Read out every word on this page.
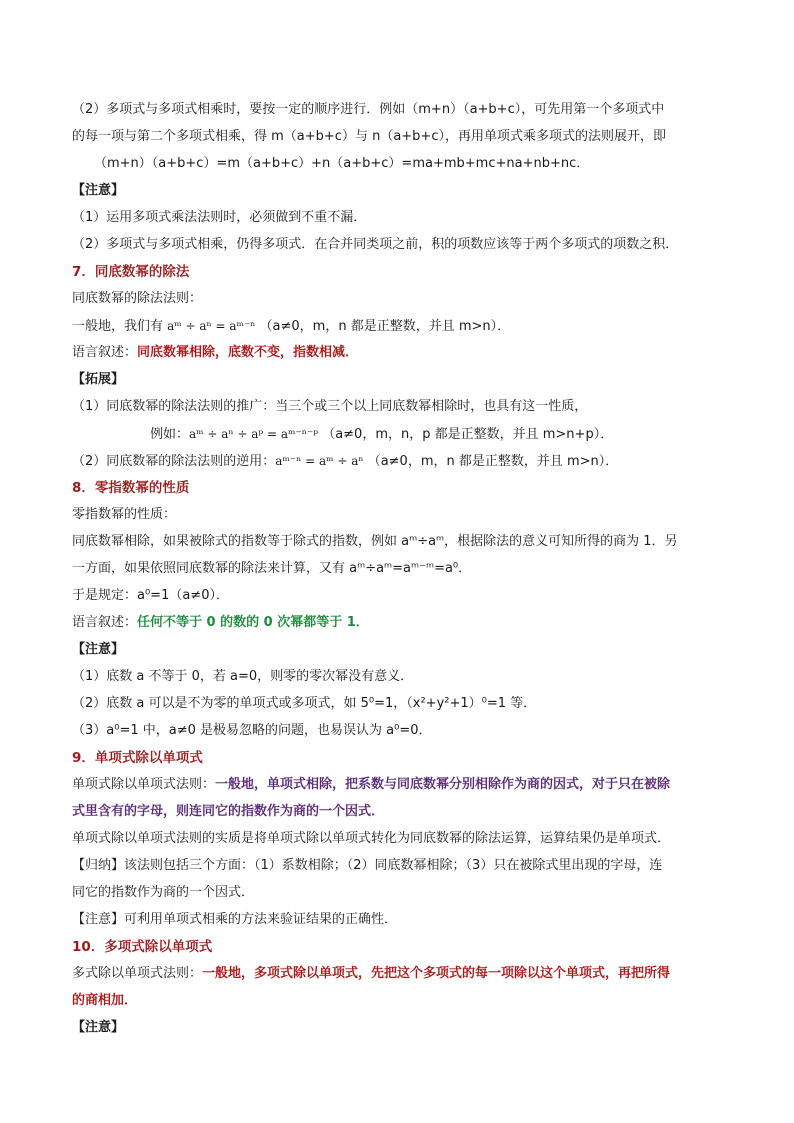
（2）多项式与多项式相乘时，要按一定的顺序进行．例如（m+n）（a+b+c），可先用第一个多项式中
的每一项与第二个多项式相乘，得 m（a+b+c）与 n（a+b+c），再用单项式乘多项式的法则展开，即
（m+n）（a+b+c）=m（a+b+c）+n（a+b+c）=ma+mb+mc+na+nb+nc．
【注意】
（1）运用多项式乘法法则时，必须做到不重不漏．
（2）多项式与多项式相乘，仍得多项式．在合并同类项之前，积的项数应该等于两个多项式的项数之积．
7．同底数幂的除法
同底数幂的除法法则：
一般地，我们有 aᵐ ÷ aⁿ = aᵐ⁻ⁿ （a≠0，m，n 都是正整数，并且 m>n）．
语言叙述：同底数幂相除，底数不变，指数相减．
【拓展】
（1）同底数幂的除法法则的推广：当三个或三个以上同底数幂相除时，也具有这一性质，
例如：aᵐ ÷ aⁿ ÷ aᵖ = aᵐ⁻ⁿ⁻ᵖ （a≠0，m，n，p 都是正整数，并且 m>n+p）．
（2）同底数幂的除法法则的逆用：aᵐ⁻ⁿ = aᵐ ÷ aⁿ （a≠0，m，n 都是正整数，并且 m>n）．
8．零指数幂的性质
零指数幂的性质：
同底数幂相除，如果被除式的指数等于除式的指数，例如 aᵐ÷aᵐ，根据除法的意义可知所得的商为 1．另
一方面，如果依照同底数幂的除法来计算，又有 aᵐ÷aᵐ=aᵐ⁻ᵐ=a⁰．
于是规定：a⁰=1（a≠0）．
语言叙述：任何不等于 0 的数的 0 次幂都等于 1．
【注意】
（1）底数 a 不等于 0，若 a=0，则零的零次幂没有意义．
（2）底数 a 可以是不为零的单项式或多项式，如 5⁰=1，（x²+y²+1）⁰=1 等．
（3）a⁰=1 中，a≠0 是极易忽略的问题，也易误认为 a⁰=0．
9．单项式除以单项式
单项式除以单项式法则：一般地，单项式相除，把系数与同底数幂分别相除作为商的因式，对于只在被除
式里含有的字母，则连同它的指数作为商的一个因式．
单项式除以单项式法则的实质是将单项式除以单项式转化为同底数幂的除法运算，运算结果仍是单项式．
【归纳】该法则包括三个方面：（1）系数相除；（2）同底数幂相除；（3）只在被除式里出现的字母，连
同它的指数作为商的一个因式．
【注意】可利用单项式相乘的方法来验证结果的正确性．
10．多项式除以单项式
多式除以单项式法则：一般地，多项式除以单项式，先把这个多项式的每一项除以这个单项式，再把所得
的商相加．
【注意】
